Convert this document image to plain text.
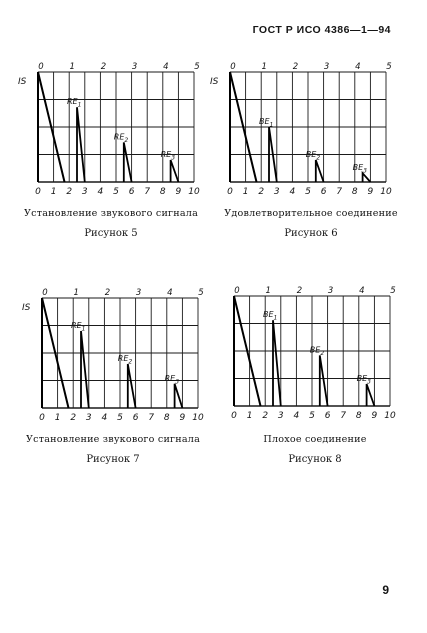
ГОСТ Р ИСО 4386—1—94
0 1 2 3 4 5 6 7 8 9 10
0	1	2	3	4	5
IS
$RE_1$
$RE_2$
$RE_3$
Установление звукового сигнала
Рисунок 5
0 1 2 3 4 5 6 7 8 9 10
0	1	2	3	4	5
IS
$BE_1$
$BE_2$
$BE_3$
Удовлетворительное соединение
Рисунок 6
0 1 2 3 4 5 6 7 8 9 10
0	1	2	3	4	5
IS
$RE_1$
$RE_2$
$RE_3$
Установление звукового сигнала
Рисунок 7
0 1 2 3 4 5 6 7 8 9 10
0	1	2	3	4	5
$BE_1$
$BE_2$
$BE_3$
Плохое соединение
Рисунок 8
9
